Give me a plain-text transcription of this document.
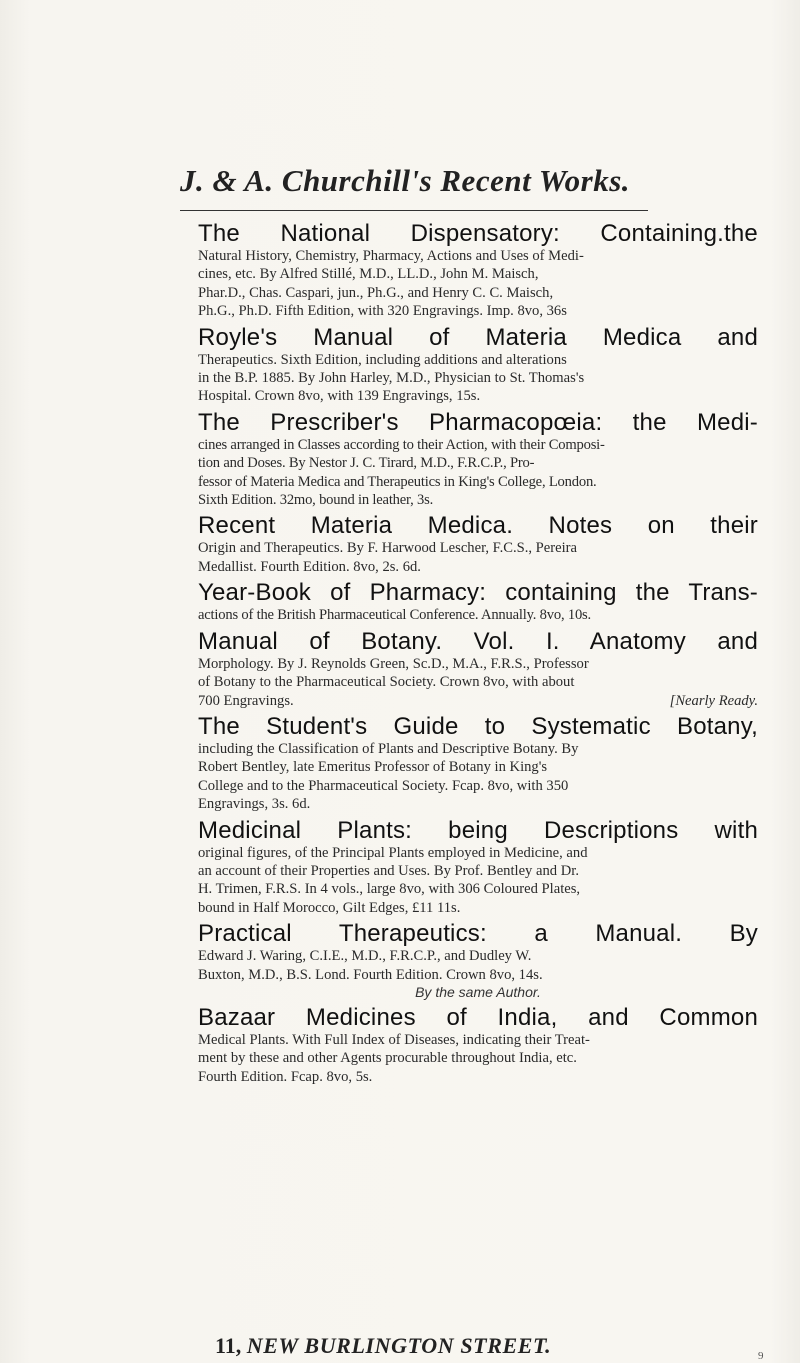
J. & A. Churchill's Recent Works.
The National Dispensatory: Containing.the
Natural History, Chemistry, Pharmacy, Actions and Uses of Medi-
cines, etc. By Alfred Stillé, M.D., LL.D., John M. Maisch,
Phar.D., Chas. Caspari, jun., Ph.G., and Henry C. C. Maisch,
Ph.G., Ph.D. Fifth Edition, with 320 Engravings. Imp. 8vo, 36s
Royle's Manual of Materia Medica and
Therapeutics. Sixth Edition, including additions and alterations
in the B.P. 1885. By John Harley, M.D., Physician to St. Thomas's
Hospital. Crown 8vo, with 139 Engravings, 15s.
The Prescriber's Pharmacopœia: the Medi-
cines arranged in Classes according to their Action, with their Composi-
tion and Doses. By Nestor J. C. Tirard, M.D., F.R.C.P., Pro-
fessor of Materia Medica and Therapeutics in King's College, London.
Sixth Edition. 32mo, bound in leather, 3s.
Recent Materia Medica. Notes on their
Origin and Therapeutics. By F. Harwood Lescher, F.C.S., Pereira
Medallist. Fourth Edition. 8vo, 2s. 6d.
Year-Book of Pharmacy: containing the Trans-
actions of the British Pharmaceutical Conference. Annually. 8vo, 10s.
Manual of Botany. Vol. I. Anatomy and
Morphology. By J. Reynolds Green, Sc.D., M.A., F.R.S., Professor
of Botany to the Pharmaceutical Society. Crown 8vo, with about
700 Engravings.	[Nearly Ready.
The Student's Guide to Systematic Botany,
including the Classification of Plants and Descriptive Botany. By
Robert Bentley, late Emeritus Professor of Botany in King's
College and to the Pharmaceutical Society. Fcap. 8vo, with 350
Engravings, 3s. 6d.
Medicinal Plants: being Descriptions with
original figures, of the Principal Plants employed in Medicine, and
an account of their Properties and Uses. By Prof. Bentley and Dr.
H. Trimen, F.R.S. In 4 vols., large 8vo, with 306 Coloured Plates,
bound in Half Morocco, Gilt Edges, £11 11s.
Practical Therapeutics: a Manual. By
Edward J. Waring, C.I.E., M.D., F.R.C.P., and Dudley W.
Buxton, M.D., B.S. Lond. Fourth Edition. Crown 8vo, 14s.
By the same Author.
Bazaar Medicines of India, and Common
Medical Plants. With Full Index of Diseases, indicating their Treat-
ment by these and other Agents procurable throughout India, etc.
Fourth Edition. Fcap. 8vo, 5s.
11, NEW BURLINGTON STREET.	9
